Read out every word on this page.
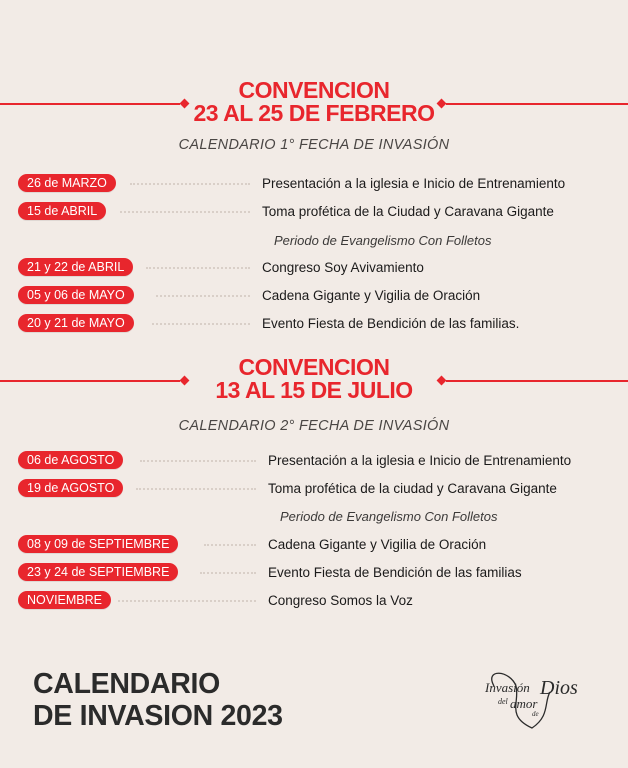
CONVENCION
23 AL 25 DE FEBRERO
CALENDARIO 1° FECHA DE INVASIÓN
26 de MARZO	Presentación a la iglesia e Inicio de Entrenamiento
15 de ABRIL	Toma profética de la Ciudad y Caravana Gigante
Periodo de Evangelismo Con Folletos
21 y 22 de ABRIL	Congreso Soy Avivamiento
05 y 06 de MAYO	Cadena Gigante y Vigilia de Oración
20 y 21 de MAYO	Evento Fiesta de Bendición de las familias.
CONVENCION
13 AL 15 DE JULIO
CALENDARIO 2° FECHA DE INVASIÓN
06 de AGOSTO	Presentación a la iglesia e Inicio de Entrenamiento
19 de AGOSTO	Toma profética de la ciudad y Caravana Gigante
Periodo de Evangelismo Con Folletos
08 y 09 de SEPTIEMBRE	Cadena Gigante y Vigilia de Oración
23 y 24 de SEPTIEMBRE	Evento Fiesta de Bendición de las familias
NOVIEMBRE	Congreso Somos la Voz
CALENDARIO
DE INVASION 2023
Invasión
del amor
de
Dios
